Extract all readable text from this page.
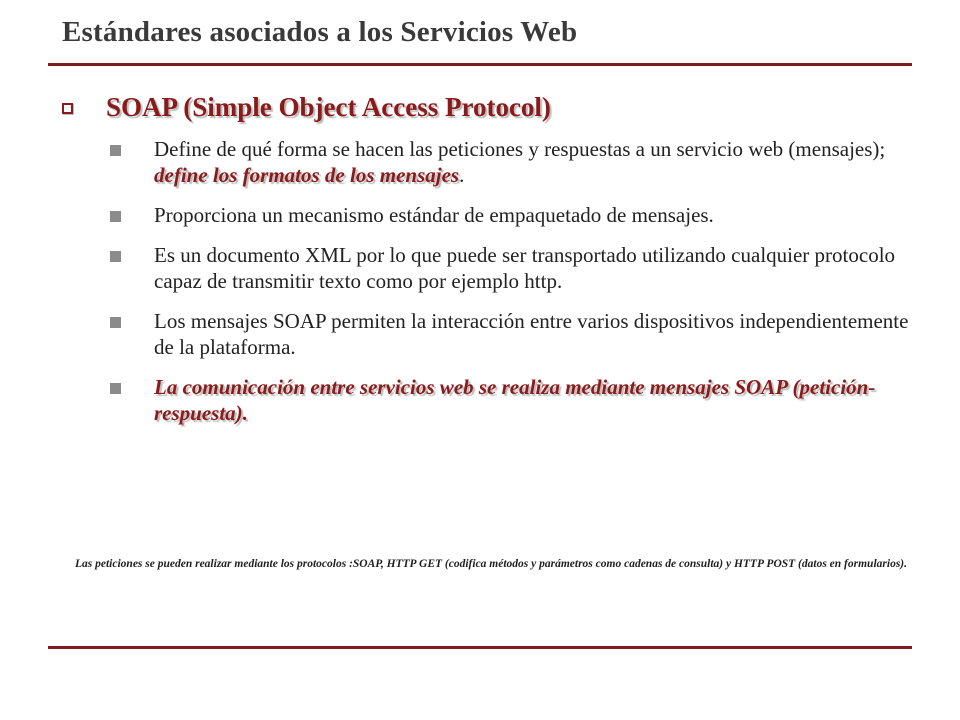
Estándares asociados a los Servicios Web
SOAP (Simple Object Access Protocol)
Define de qué forma se hacen las peticiones y respuestas a un servicio web (mensajes); define los formatos de los mensajes.
Proporciona un mecanismo estándar de empaquetado de mensajes.
Es un documento XML por lo que puede ser transportado utilizando cualquier protocolo capaz de transmitir texto como por ejemplo http.
Los mensajes SOAP permiten la interacción entre varios dispositivos independientemente de la plataforma.
La comunicación entre servicios web se realiza mediante mensajes SOAP (petición-respuesta).
Las peticiones se pueden realizar mediante los protocolos :SOAP, HTTP GET (codifica métodos y parámetros como cadenas de consulta) y HTTP POST (datos en formularios).
